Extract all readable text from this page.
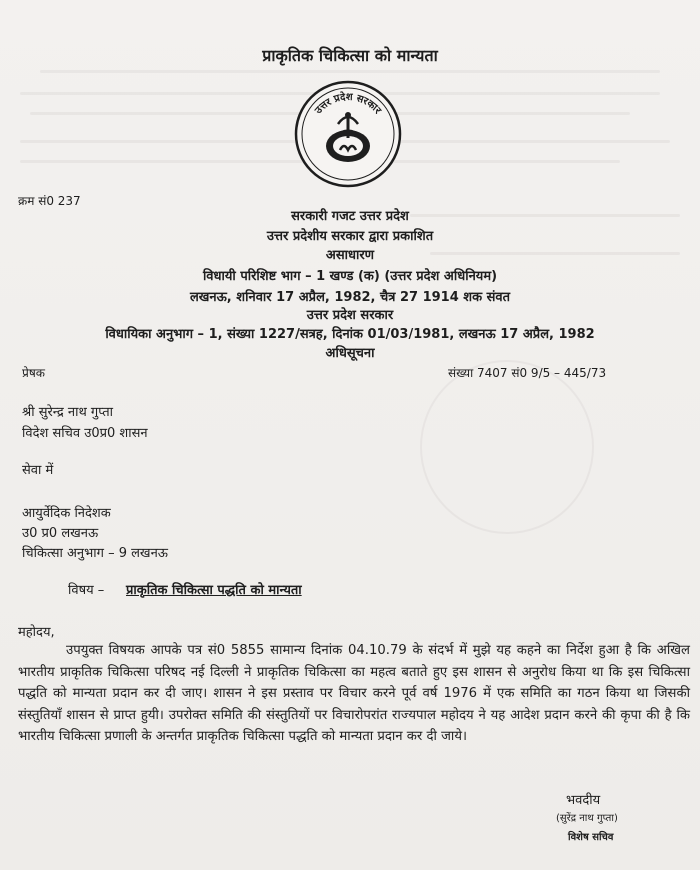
प्राकृतिक चिकित्सा को मान्यता
उत्तर प्रदेश सरकार
क्रम सं0 237
सरकारी गजट उत्तर प्रदेश
उत्तर प्रदेशीय सरकार द्वारा प्रकाशित
असाधारण
विधायी परिशिष्ट भाग – 1 खण्ड (क) (उत्तर प्रदेश अधिनियम)
लखनऊ, शनिवार 17 अप्रैल, 1982, चैत्र 27 1914 शक संवत
उत्तर प्रदेश सरकार
विधायिका अनुभाग – 1, संख्या 1227/सत्रह, दिनांक 01/03/1981, लखनऊ 17 अप्रैल, 1982
अधिसूचना
प्रेषक	संख्या 7407 सं0 9/5 – 445/73
श्री सुरेन्द्र नाथ गुप्ता
विदेश सचिव उ0प्र0 शासन
सेवा में
आयुर्वेदिक निदेशक
उ0 प्र0 लखनऊ
चिकित्सा अनुभाग – 9 लखनऊ
विषय – प्राकृतिक चिकित्सा पद्धति को मान्यता
महोदय,

उपयुक्त विषयक आपके पत्र सं0 5855 सामान्य दिनांक 04.10.79 के संदर्भ में मुझे यह कहने का निर्देश हुआ है कि अखिल भारतीय प्राकृतिक चिकित्सा परिषद नई दिल्ली ने प्राकृतिक चिकित्सा का महत्व बताते हुए इस शासन से अनुरोध किया था कि इस चिकित्सा पद्धति को मान्यता प्रदान कर दी जाए। शासन ने इस प्रस्ताव पर विचार करने पूर्व वर्ष 1976 में एक समिति का गठन किया था जिसकी संस्तुतियाँ शासन से प्राप्त हुयी। उपरोक्त समिति की संस्तुतियों पर विचारोपरांत राज्यपाल महोदय ने यह आदेश प्रदान करने की कृपा की है कि भारतीय चिकित्सा प्रणाली के अन्तर्गत प्राकृतिक चिकित्सा पद्धति को मान्यता प्रदान कर दी जाये।

भवदीय
(सुरेंद्र नाथ गुप्ता)
विशेष सचिव
